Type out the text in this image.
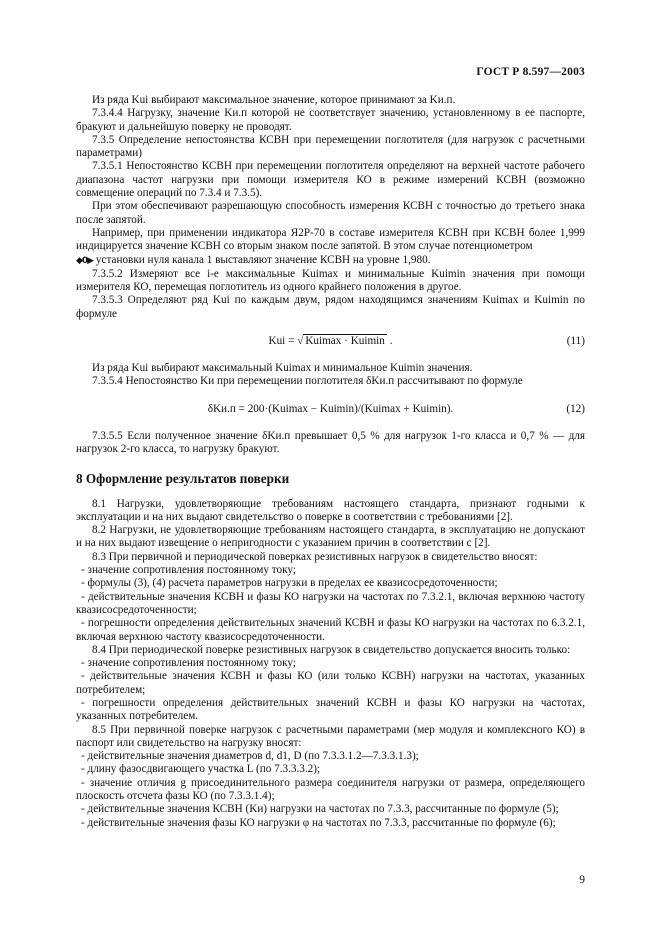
ГОСТ Р 8.597—2003

Из ряда Kui выбирают максимальное значение, которое принимают за Kи.п.

7.3.4.4 Нагрузку, значение Kи.п которой не соответствует значению, установленному в ее паспорте, бракуют и дальнейшую поверку не проводят.

7.3.5 Определение непостоянства КСВН при перемещении поглотителя (для нагрузок с расчетными параметрами)

7.3.5.1 Непостоянство КСВН при перемещении поглотителя определяют на верхней частоте рабочего диапазона частот нагрузки при помощи измерителя КО в режиме измерений КСВН (возможно совмещение операций по 7.3.4 и 7.3.5).

При этом обеспечивают разрешающую способность измерения КСВН с точностью до третьего знака после запятой.

Например, при применении индикатора Я2Р-70 в составе измерителя КСВН при КСВН более 1,999 индицируется значение КСВН со вторым знаком после запятой. В этом случае потенциометром

◆0▶ установки нуля канала 1 выставляют значение КСВН на уровне 1,980.

7.3.5.2 Измеряют все i-е максимальные Kuimax и минимальные Kuimin значения при помощи измерителя КО, перемещая поглотитель из одного крайнего положения в другое.

7.3.5.3 Определяют ряд Kui по каждым двум, рядом находящимся значениям Kuimax и Kuimin по формуле

Kui = √ Kuimax · Kuimin .	(11)

Из ряда Kui выбирают максимальный Kuimax и минимальное Kuimin значения.

7.3.5.4 Непостоянство Kи при перемещении поглотителя δKи.п рассчитывают по формуле

δKи.п = 200·(Kuimax − Kuimin)/(Kuimax + Kuimin).	(12)

7.3.5.5 Если полученное значение δKи.п превышает 0,5 % для нагрузок 1-го класса и 0,7 % — для нагрузок 2-го класса, то нагрузку бракуют.

8 Оформление результатов поверки

8.1 Нагрузки, удовлетворяющие требованиям настоящего стандарта, признают годными к эксплуатации и на них выдают свидетельство о поверке в соответствии с требованиями [2].

8.2 Нагрузки, не удовлетворяющие требованиям настоящего стандарта, в эксплуатацию не допускают и на них выдают извещение о непригодности с указанием причин в соответствии с [2].

8.3 При первичной и периодической поверках резистивных нагрузок в свидетельство вносят:

- значение сопротивления постоянному току;

- формулы (3), (4) расчета параметров нагрузки в пределах ее квазисосредоточенности;

- действительные значения КСВН и фазы КО нагрузки на частотах по 7.3.2.1, включая верхнюю частоту квазисосредоточенности;

- погрешности определения действительных значений КСВН и фазы КО нагрузки на частотах по 6.3.2.1, включая верхнюю частоту квазисосредоточенности.

8.4 При периодической поверке резистивных нагрузок в свидетельство допускается вносить только:

- значение сопротивления постоянному току;

- действительные значения КСВН и фазы КО (или только КСВН) нагрузки на частотах, указанных потребителем;

- погрешности определения действительных значений КСВН и фазы КО нагрузки на частотах, указанных потребителем.

8.5 При первичной поверке нагрузок с расчетными параметрами (мер модуля и комплексного КО) в паспорт или свидетельство на нагрузку вносят:

- действительные значения диаметров d, d1, D (по 7.3.3.1.2—7.3.3.1.3);

- длину фазосдвигающего участка L (по 7.3.3.3.2);

- значение отличия g присоединительного размера соединителя нагрузки от размера, определяющего плоскость отсчета фазы КО (по 7.3.3.1.4);

- действительные значения КСВН (Kи) нагрузки на частотах по 7.3.3, рассчитанные по формуле (5);

- действительные значения фазы КО нагрузки φ на частотах по 7.3.3, рассчитанные по формуле (6);

9
